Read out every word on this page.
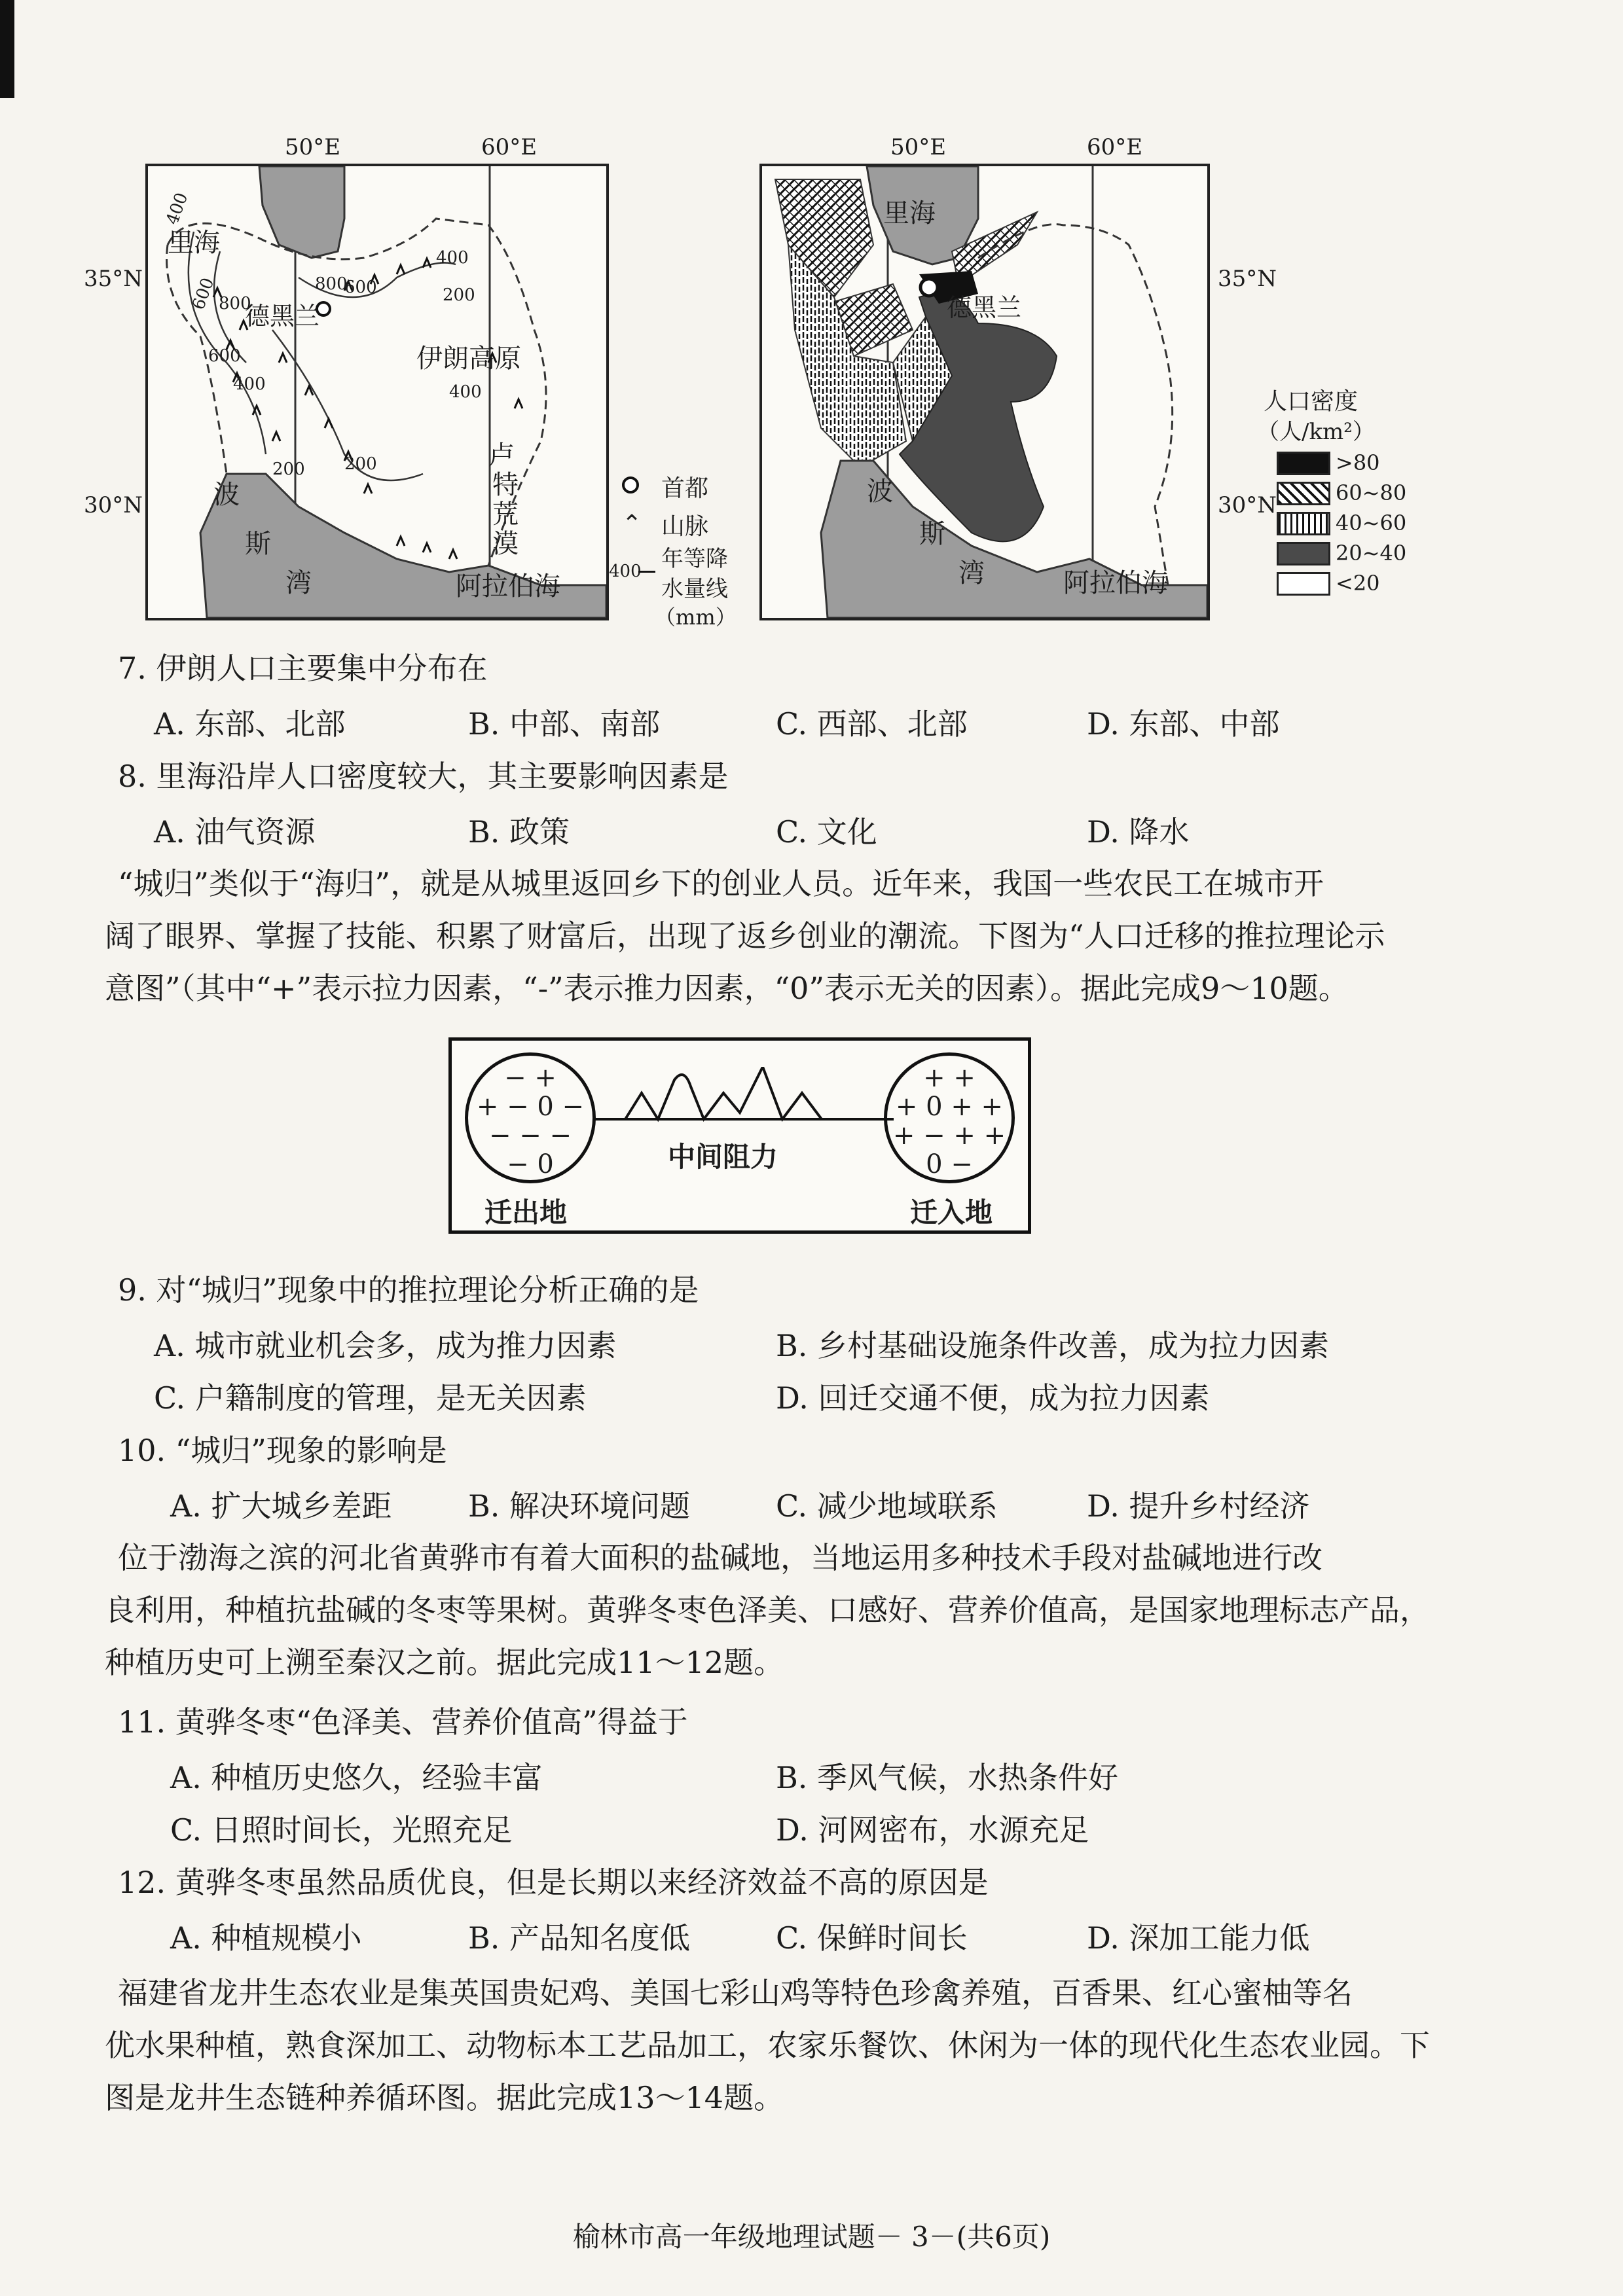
50°E	60°E
35°N
30°N
里海
德黑兰
伊朗高原
卢
特
荒
漠
波
斯
湾	阿拉伯海
400
600 800
600
400
200
800
600
400
200
400
200
首都
⌃ 山脉
400 年等降
水量线
（mm）
50°E	60°E
35°N
30°N
里海
德黑兰
波
斯
湾	阿拉伯海
人口密度
（人/km²）
>80
60~80
40~60
20~40
<20
7. 伊朗人口主要集中分布在
A. 东部、北部	B. 中部、南部	C. 西部、北部	D. 东部、中部
8. 里海沿岸人口密度较大，其主要影响因素是
A. 油气资源	B. 政策	C. 文化	D. 降水
“城归”类似于“海归”，就是从城里返回乡下的创业人员。近年来，我国一些农民工在城市开
阔了眼界、掌握了技能、积累了财富后，出现了返乡创业的潮流。下图为“人口迁移的推拉理论示
意图”（其中“+”表示拉力因素，“-”表示推力因素，“0”表示无关的因素）。据此完成9～10题。
− +
+ − 0 −
− − −
− 0	中间阻力
+ +
+ 0 + +
+ − + +
0 −
迁出地	迁入地
9. 对“城归”现象中的推拉理论分析正确的是
A. 城市就业机会多，成为推力因素	B. 乡村基础设施条件改善，成为拉力因素
C. 户籍制度的管理，是无关因素	D. 回迁交通不便，成为拉力因素
10. “城归”现象的影响是
A. 扩大城乡差距	B. 解决环境问题	C. 减少地域联系	D. 提升乡村经济
位于渤海之滨的河北省黄骅市有着大面积的盐碱地，当地运用多种技术手段对盐碱地进行改
良利用，种植抗盐碱的冬枣等果树。黄骅冬枣色泽美、口感好、营养价值高，是国家地理标志产品，
种植历史可上溯至秦汉之前。据此完成11～12题。
11. 黄骅冬枣“色泽美、营养价值高”得益于
A. 种植历史悠久，经验丰富	B. 季风气候，水热条件好
C. 日照时间长，光照充足	D. 河网密布，水源充足
12. 黄骅冬枣虽然品质优良，但是长期以来经济效益不高的原因是
A. 种植规模小	B. 产品知名度低	C. 保鲜时间长	D. 深加工能力低
福建省龙井生态农业是集英国贵妃鸡、美国七彩山鸡等特色珍禽养殖，百香果、红心蜜柚等名
优水果种植，熟食深加工、动物标本工艺品加工，农家乐餐饮、休闲为一体的现代化生态农业园。下
图是龙井生态链种养循环图。据此完成13～14题。
榆林市高一年级地理试题－ 3－(共6页)
